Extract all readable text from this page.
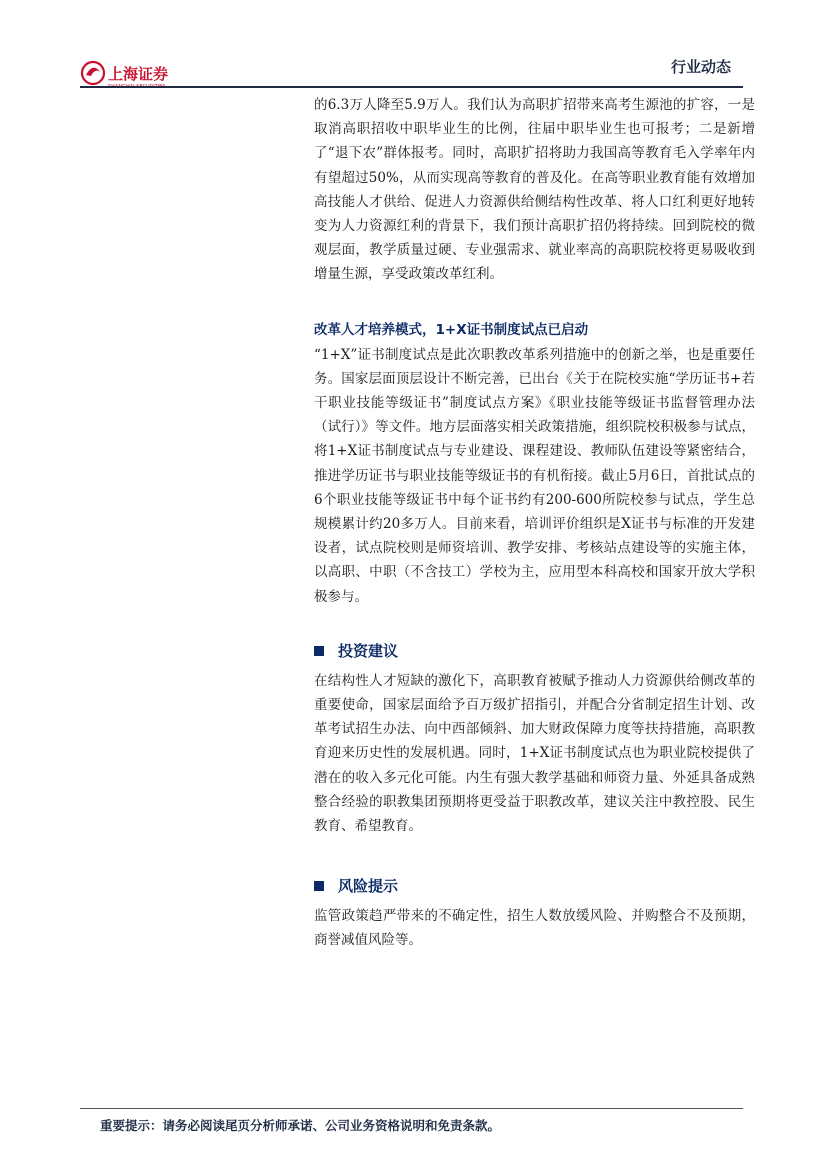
上海证券
SHANGHAI SECURITIES
行业动态

的6.3万人降至5.9万人。我们认为高职扩招带来高考生源池的扩容，一是取消高职招收中职毕业生的比例，往届中职毕业生也可报考；二是新增了“退下农”群体报考。同时，高职扩招将助力我国高等教育毛入学率年内有望超过50%，从而实现高等教育的普及化。在高等职业教育能有效增加高技能人才供给、促进人力资源供给侧结构性改革、将人口红利更好地转变为人力资源红利的背景下，我们预计高职扩招仍将持续。回到院校的微观层面，教学质量过硬、专业强需求、就业率高的高职院校将更易吸收到增量生源，享受政策改革红利。

改革人才培养模式，1+X证书制度试点已启动

“1+X”证书制度试点是此次职教改革系列措施中的创新之举，也是重要任务。国家层面顶层设计不断完善，已出台《关于在院校实施“学历证书+若干职业技能等级证书”制度试点方案》《职业技能等级证书监督管理办法（试行）》等文件。地方层面落实相关政策措施，组织院校积极参与试点，将1+X证书制度试点与专业建设、课程建设、教师队伍建设等紧密结合，推进学历证书与职业技能等级证书的有机衔接。截止5月6日，首批试点的6个职业技能等级证书中每个证书约有200-600所院校参与试点，学生总规模累计约20多万人。目前来看，培训评价组织是X证书与标准的开发建设者，试点院校则是师资培训、教学安排、考核站点建设等的实施主体，以高职、中职（不含技工）学校为主，应用型本科高校和国家开放大学积极参与。

投资建议

在结构性人才短缺的激化下，高职教育被赋予推动人力资源供给侧改革的重要使命，国家层面给予百万级扩招指引，并配合分省制定招生计划、改革考试招生办法、向中西部倾斜、加大财政保障力度等扶持措施，高职教育迎来历史性的发展机遇。同时，1+X证书制度试点也为职业院校提供了潜在的收入多元化可能。内生有强大教学基础和师资力量、外延具备成熟整合经验的职教集团预期将更受益于职教改革，建议关注中教控股、民生教育、希望教育。

风险提示

监管政策趋严带来的不确定性，招生人数放缓风险、并购整合不及预期，商誉减值风险等。

重要提示：请务必阅读尾页分析师承诺、公司业务资格说明和免责条款。
